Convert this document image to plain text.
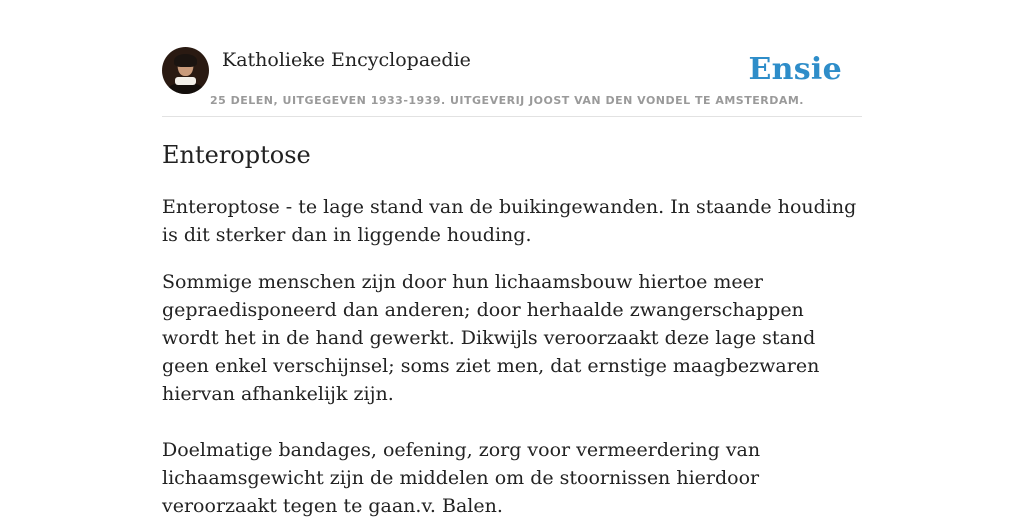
Katholieke Encyclopaedie	Ensie
25 DELEN, UITGEGEVEN 1933-1939. UITGEVERIJ JOOST VAN DEN VONDEL TE AMSTERDAM.
Enteroptose

Enteroptose - te lage stand van de buikingewanden. In staande houding is dit sterker dan in liggende houding.

Sommige menschen zijn door hun lichaamsbouw hiertoe meer gepraedisponeerd dan anderen; door herhaalde zwangerschappen wordt het in de hand gewerkt. Dikwijls veroorzaakt deze lage stand geen enkel verschijnsel; soms ziet men, dat ernstige maagbezwaren hiervan afhankelijk zijn.

Doelmatige bandages, oefening, zorg voor vermeerdering van lichaamsgewicht zijn de middelen om de stoornissen hierdoor veroorzaakt tegen te gaan.v. Balen.
